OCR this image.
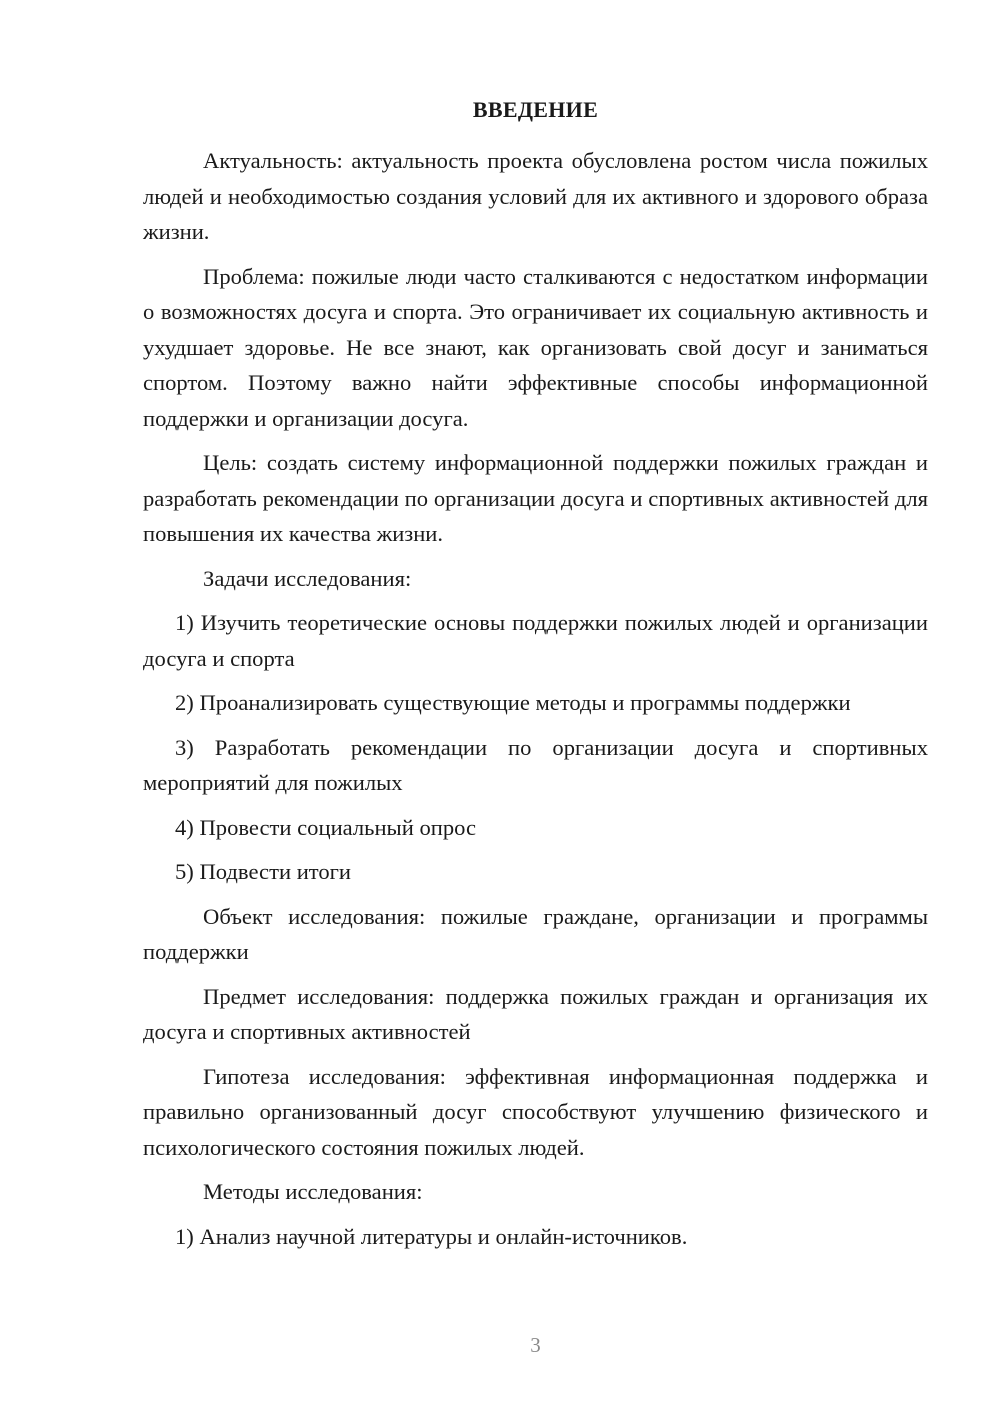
ВВЕДЕНИЕ

Актуальность: актуальность проекта обусловлена ростом числа пожилых людей и необходимостью создания условий для их активного и здорового образа жизни.

Проблема: пожилые люди часто сталкиваются с недостатком информации о возможностях досуга и спорта. Это ограничивает их социальную активность и ухудшает здоровье. Не все знают, как организовать свой досуг и заниматься спортом. Поэтому важно найти эффективные способы информационной поддержки и организации досуга.

Цель: создать систему информационной поддержки пожилых граждан и разработать рекомендации по организации досуга и спортивных активностей для повышения их качества жизни.

Задачи исследования:

1) Изучить теоретические основы поддержки пожилых людей и организации досуга и спорта

2) Проанализировать существующие методы и программы поддержки

3) Разработать рекомендации по организации досуга и спортивных мероприятий для пожилых

4) Провести социальный опрос

5) Подвести итоги

Объект исследования: пожилые граждане, организации и программы поддержки

Предмет исследования: поддержка пожилых граждан и организация их досуга и спортивных активностей

Гипотеза исследования: эффективная информационная поддержка и правильно организованный досуг способствуют улучшению физического и психологического состояния пожилых людей.

Методы исследования:

1) Анализ научной литературы и онлайн-источников.

3
